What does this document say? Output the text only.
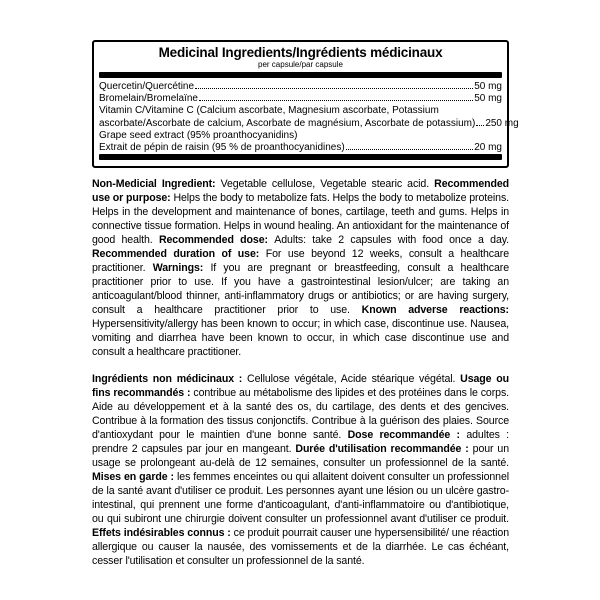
Medicinal Ingredients/Ingrédients médicinaux
per capsule/par capsule
Quercetin/Quercétine	50 mg
Bromelain/Bromelaïne	50 mg
Vitamin C/Vitamine C (Calcium ascorbate, Magnesium ascorbate, Potassium
ascorbate/Ascorbate de calcium, Ascorbate de magnésium, Ascorbate de potassium) 250 mg
Grape seed extract (95% proanthocyanidins)
Extrait de pépin de raisin (95 % de proanthocyanidines)	20 mg

Non-Medicial Ingredient: Vegetable cellulose, Vegetable stearic acid. Recommended use or purpose: Helps the body to metabolize fats. Helps the body to metabolize proteins. Helps in the development and maintenance of bones, cartilage, teeth and gums. Helps in connective tissue formation. Helps in wound healing. An antioxidant for the maintenance of good health. Recommended dose: Adults: take 2 capsules with food once a day. Recommended duration of use: For use beyond 12 weeks, consult a healthcare practitioner. Warnings: If you are pregnant or breastfeeding, consult a healthcare practitioner prior to use. If you have a gastrointestinal lesion/ulcer; are taking an anticoagulant/blood thinner, anti-inflammatory drugs or antibiotics; or are having surgery, consult a healthcare practitioner prior to use. Known adverse reactions: Hypersensitivity/allergy has been known to occur; in which case, discontinue use. Nausea, vomiting and diarrhea have been known to occur, in which case discontinue use and consult a healthcare practitioner.

Ingrédients non médicinaux : Cellulose végétale, Acide stéarique végétal. Usage ou fins recommandés : contribue au métabolisme des lipides et des protéines dans le corps. Aide au développement et à la santé des os, du cartilage, des dents et des gencives. Contribue à la formation des tissus conjonctifs. Contribue à la guérison des plaies. Source d'antioxydant pour le maintien d'une bonne santé. Dose recommandée : adultes : prendre 2 capsules par jour en mangeant. Durée d'utilisation recommandée : pour un usage se prolongeant au-delà de 12 semaines, consulter un professionnel de la santé. Mises en garde : les femmes enceintes ou qui allaitent doivent consulter un professionnel de la santé avant d'utiliser ce produit. Les personnes ayant une lésion ou un ulcère gastro-intestinal, qui prennent une forme d'anticoagulant, d'anti-inflammatoire ou d'antibiotique, ou qui subiront une chirurgie doivent consulter un professionnel avant d'utiliser ce produit. Effets indésirables connus : ce produit pourrait causer une hypersensibilité/ une réaction allergique ou causer la nausée, des vomissements et de la diarrhée. Le cas échéant, cesser l'utilisation et consulter un professionnel de la santé.
